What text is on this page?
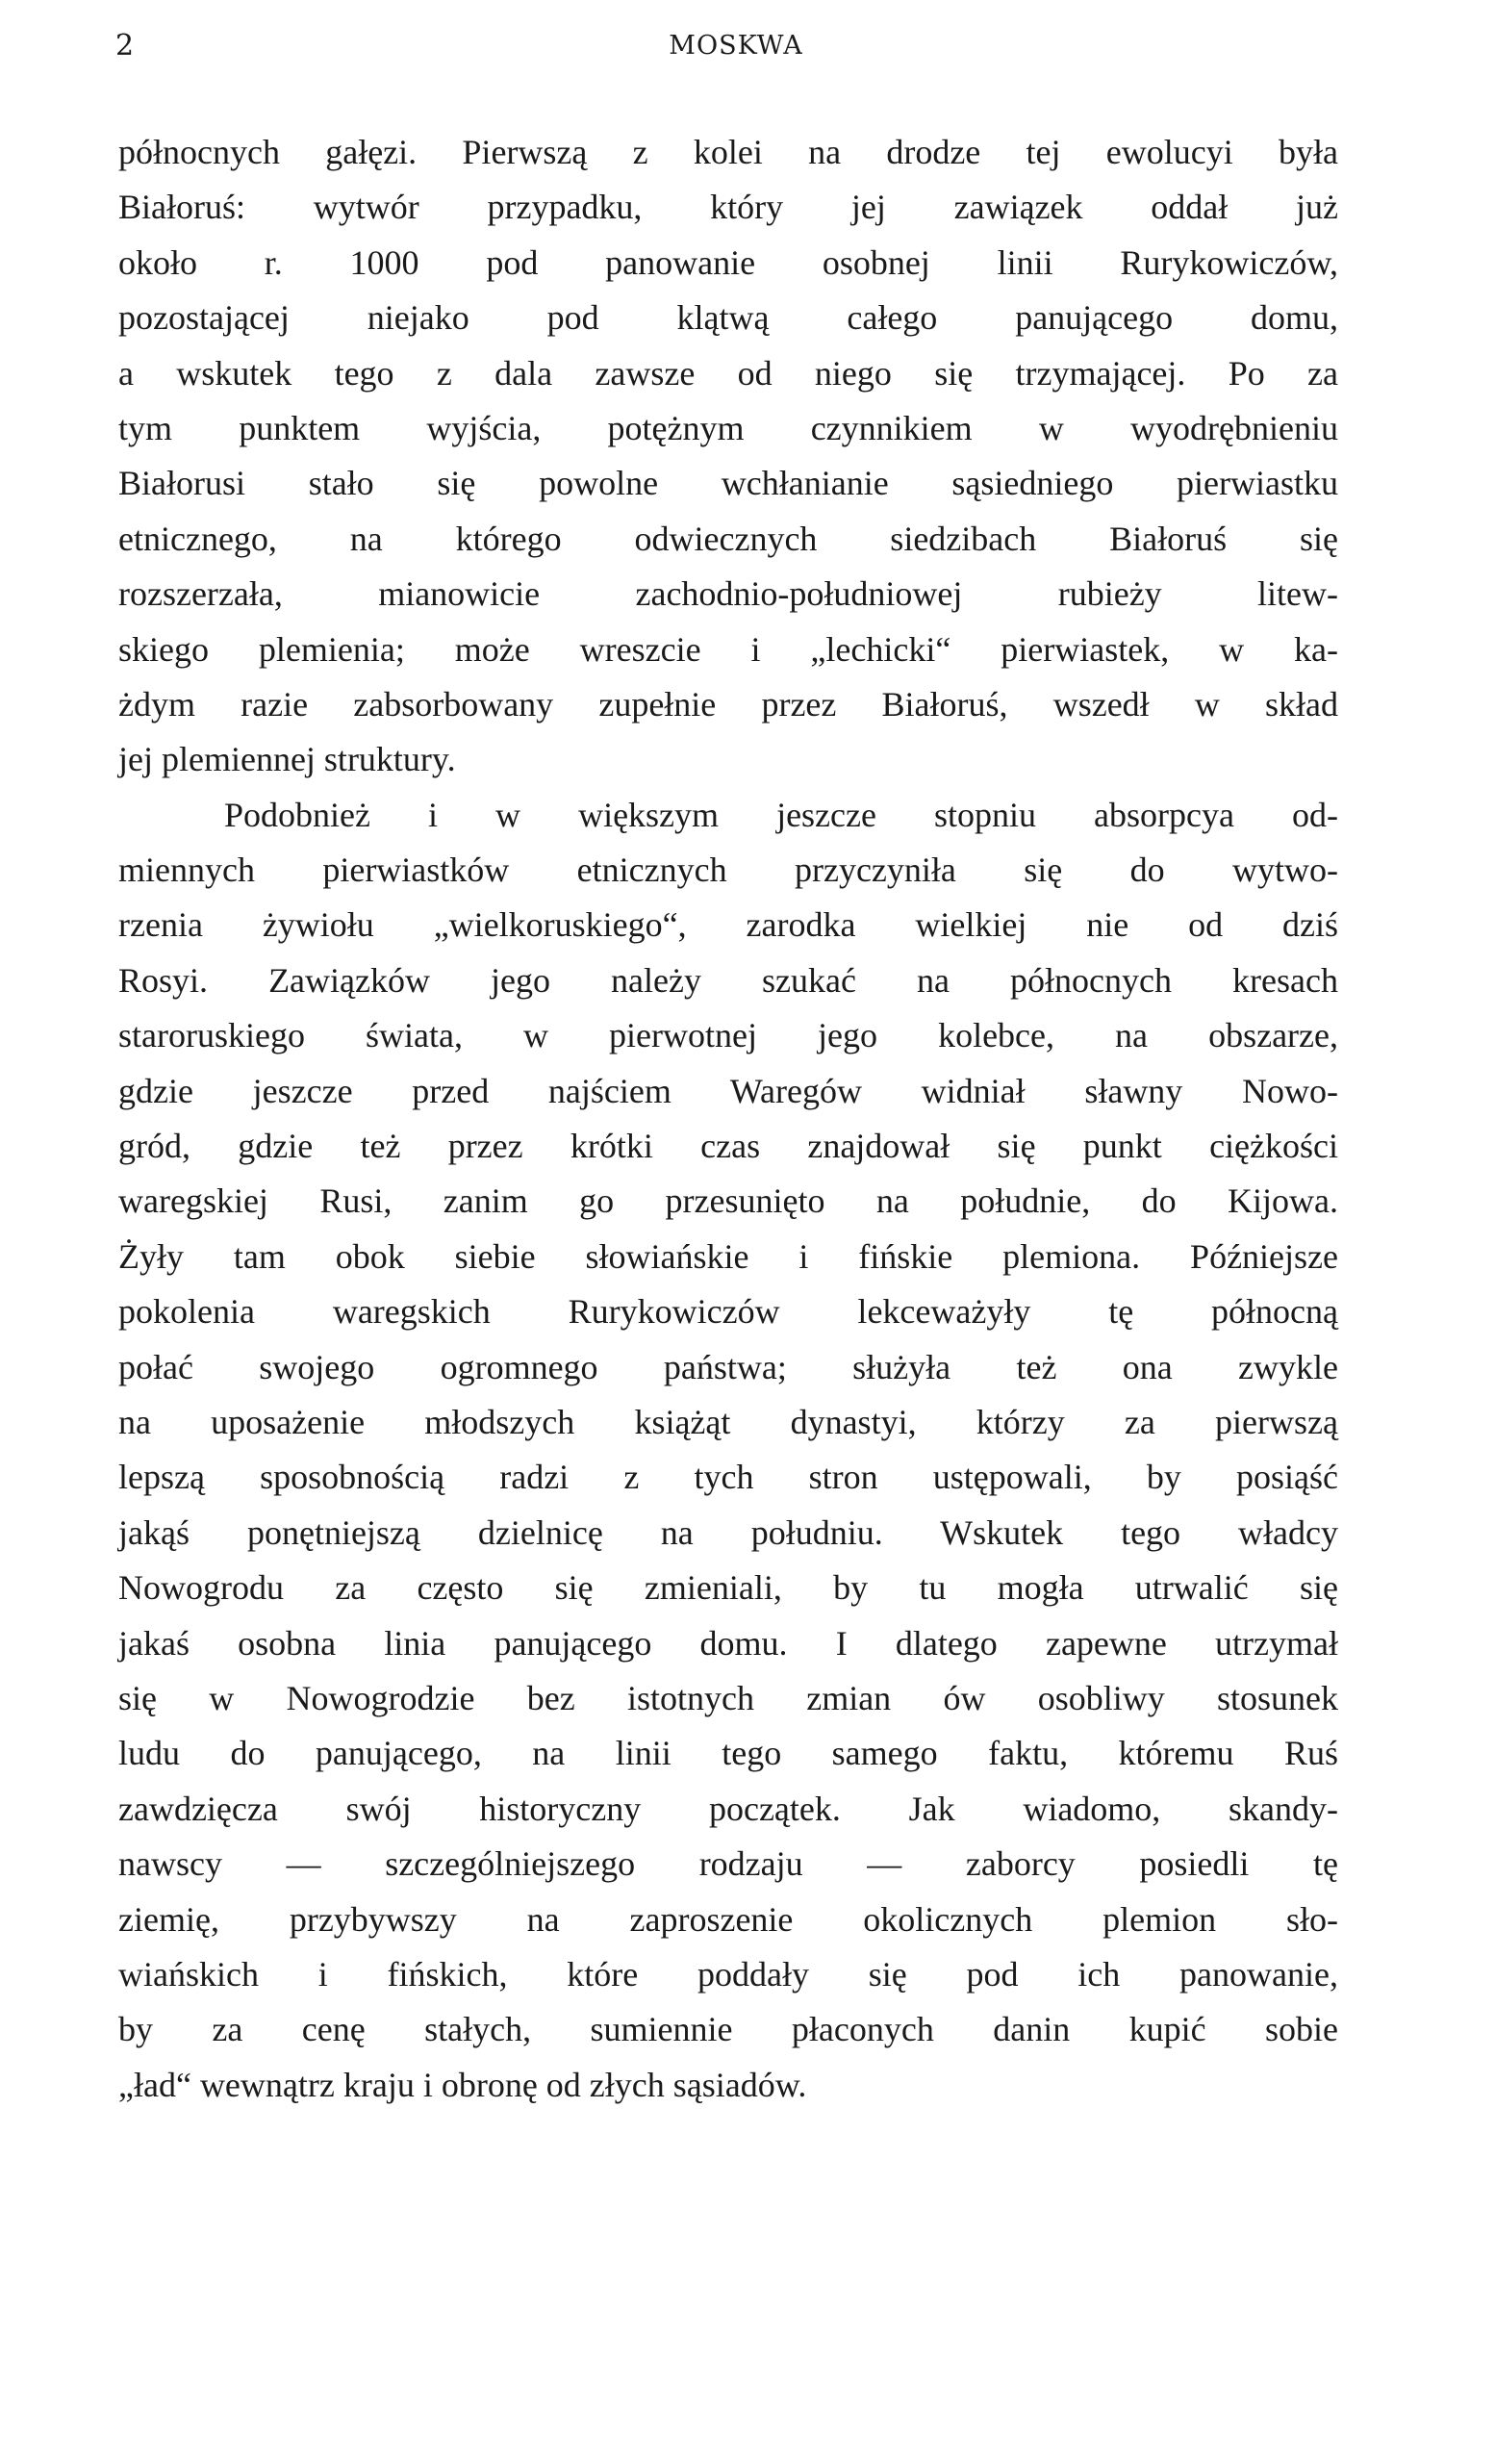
2	MOSKWA
północnych gałęzi. Pierwszą z kolei na drodze tej ewolucyi była
Białoruś: wytwór przypadku, który jej zawiązek oddał już
około r. 1000 pod panowanie osobnej linii Rurykowiczów,
pozostającej niejako pod klątwą całego panującego domu,
a wskutek tego z dala zawsze od niego się trzymającej. Po za
tym punktem wyjścia, potężnym czynnikiem w wyodrębnieniu
Białorusi stało się powolne wchłanianie sąsiedniego pierwiastku
etnicznego, na którego odwiecznych siedzibach Białoruś się
rozszerzała, mianowicie zachodnio-południowej rubieży litew-
skiego plemienia; może wreszcie i „lechicki“ pierwiastek, w ka-
żdym razie zabsorbowany zupełnie przez Białoruś, wszedł w skład
jej plemiennej struktury.
Podobnież i w większym jeszcze stopniu absorpcya od-
miennych pierwiastków etnicznych przyczyniła się do wytwo-
rzenia żywiołu „wielkoruskiego“, zarodka wielkiej nie od dziś
Rosyi. Zawiązków jego należy szukać na północnych kresach
staroruskiego świata, w pierwotnej jego kolebce, na obszarze,
gdzie jeszcze przed najściem Waregów widniał sławny Nowo-
gród, gdzie też przez krótki czas znajdował się punkt ciężkości
waregskiej Rusi, zanim go przesunięto na południe, do Kijowa.
Żyły tam obok siebie słowiańskie i fińskie plemiona. Późniejsze
pokolenia waregskich Rurykowiczów lekceważyły tę północną
połać swojego ogromnego państwa; służyła też ona zwykle
na uposażenie młodszych książąt dynastyi, którzy za pierwszą
lepszą sposobnością radzi z tych stron ustępowali, by posiąść
jakąś ponętniejszą dzielnicę na południu. Wskutek tego władcy
Nowogrodu za często się zmieniali, by tu mogła utrwalić się
jakaś osobna linia panującego domu. I dlatego zapewne utrzymał
się w Nowogrodzie bez istotnych zmian ów osobliwy stosunek
ludu do panującego, na linii tego samego faktu, któremu Ruś
zawdzięcza swój historyczny początek. Jak wiadomo, skandy-
nawscy — szczególniejszego rodzaju — zaborcy posiedli tę
ziemię, przybywszy na zaproszenie okolicznych plemion sło-
wiańskich i fińskich, które poddały się pod ich panowanie,
by za cenę stałych, sumiennie płaconych danin kupić sobie
„ład“ wewnątrz kraju i obronę od złych sąsiadów.
